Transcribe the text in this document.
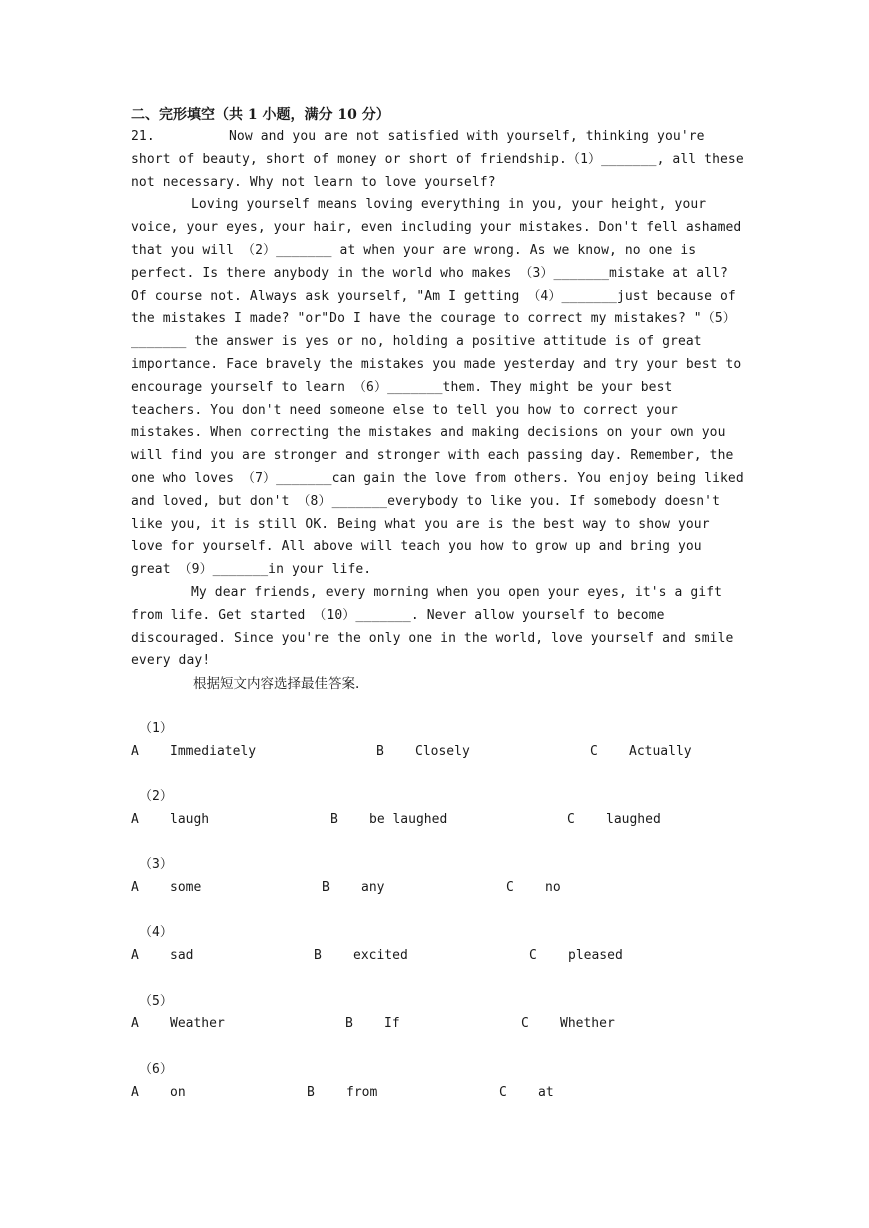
二、完形填空（共 1 小题，满分 10 分）

21.	Now and you are not satisfied with yourself, thinking you're short of beauty, short of money or short of friendship.（1）_______, all these not necessary. Why not learn to love yourself?

Loving yourself means loving everything in you, your height, your voice, your eyes, your hair, even including your mistakes. Don't fell ashamed that you will （2）_______ at when your are wrong. As we know, no one is perfect. Is there anybody in the world who makes （3）_______mistake at all? Of course not. Always ask yourself, "Am I getting （4）_______just because of the mistakes I made? "or"Do I have the courage to correct my mistakes? "（5）_______ the answer is yes or no, holding a positive attitude is of great importance. Face bravely the mistakes you made yesterday and try your best to encourage yourself to learn （6）_______them. They might be your best teachers. You don't need someone else to tell you how to correct your mistakes. When correcting the mistakes and making decisions on your own you will find you are stronger and stronger with each passing day. Remember, the one who loves （7）_______can gain the love from others. You enjoy being liked and loved, but don't （8）_______everybody to like you. If somebody doesn't like you, it is still OK. Being what you are is the best way to show your love for yourself. All above will teach you how to grow up and bring you great （9）_______in your life.

My dear friends, every morning when you open your eyes, it's a gift from life. Get started （10）_______. Never allow yourself to become discouraged. Since you're the only one in the world, love yourself and smile every day!

根据短文内容选择最佳答案.

（1）
A Immediately	B Closely	C Actually
（2）
A laugh	B be laughed	C laughed
（3）
A some	B any	C no
（4）
A sad	B excited	C pleased
（5）
A Weather	B If	C Whether
（6）
A on	B from	C at
